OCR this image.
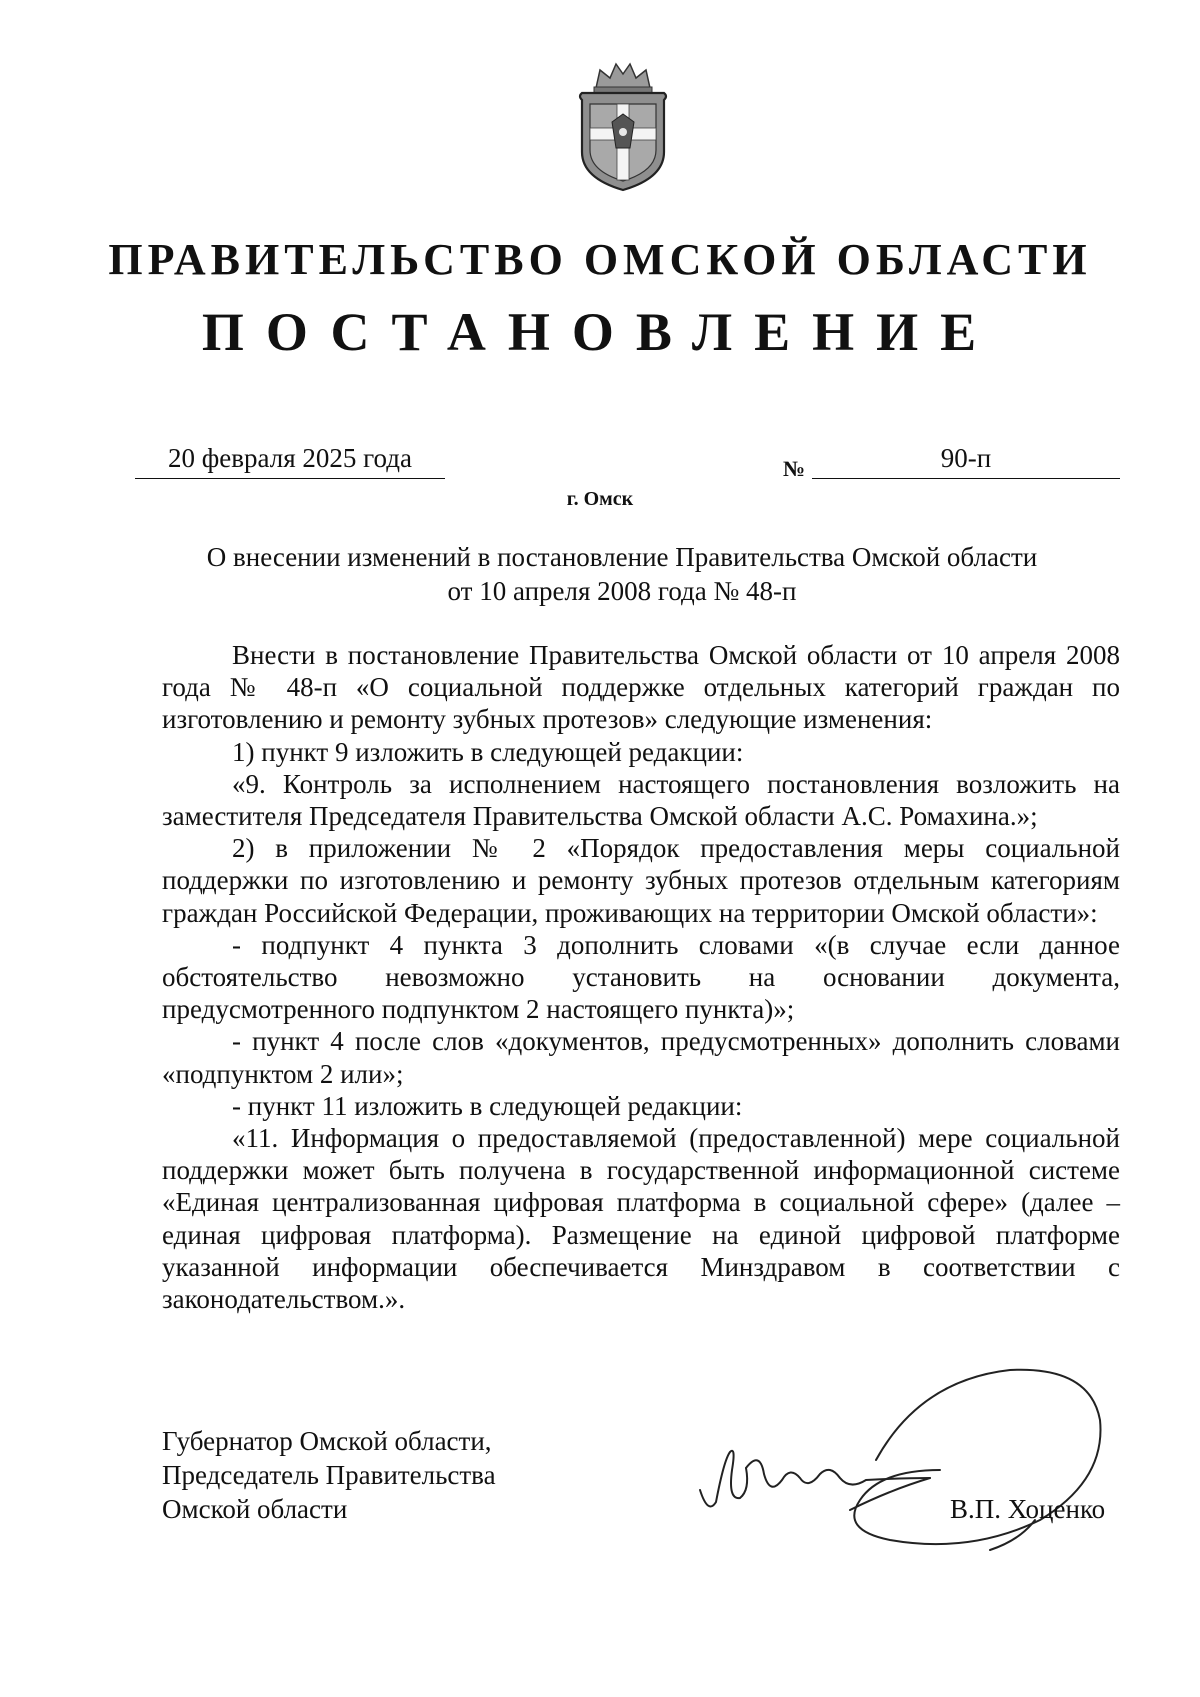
ПРАВИТЕЛЬСТВО ОМСКОЙ ОБЛАСТИ
ПОСТАНОВЛЕНИЕ
20 февраля 2025 года	№	90-п
г. Омск
О внесении изменений в постановление Правительства Омской области
от 10 апреля 2008 года № 48-п

Внести в постановление Правительства Омской области от 10 апреля 2008 года № 48-п «О социальной поддержке отдельных категорий граждан по изготовлению и ремонту зубных протезов» следующие изменения:

1) пункт 9 изложить в следующей редакции:

«9. Контроль за исполнением настоящего постановления возложить на заместителя Председателя Правительства Омской области А.С. Ромахина.»;

2) в приложении № 2 «Порядок предоставления меры социальной поддержки по изготовлению и ремонту зубных протезов отдельным категориям граждан Российской Федерации, проживающих на территории Омской области»:

- подпункт 4 пункта 3 дополнить словами «(в случае если данное обстоятельство невозможно установить на основании документа, предусмотренного подпунктом 2 настоящего пункта)»;

- пункт 4 после слов «документов, предусмотренных» дополнить словами «подпунктом 2 или»;

- пункт 11 изложить в следующей редакции:

«11. Информация о предоставляемой (предоставленной) мере социальной поддержки может быть получена в государственной информационной системе «Единая централизованная цифровая платформа в социальной сфере» (далее – единая цифровая платформа). Размещение на единой цифровой платформе указанной информации обеспечивается Минздравом в соответствии с законодательством.».

Губернатор Омской области,
Председатель Правительства
Омской области	В.П. Хоценко
